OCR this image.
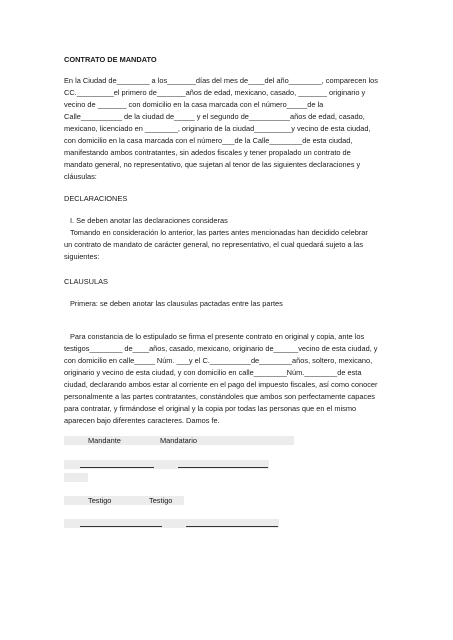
CONTRATO DE MANDATO
En la Ciudad de________ a los_______días del mes de____del año________, comparecen los
CC._________el primero de_______años de edad, mexicano, casado, _______ originario y
vecino de _______ con domicilio en la casa marcada con el número_____de la
Calle__________ de la ciudad de_____ y el segundo de__________años de edad, casado,
mexicano, licenciado en ________, originario de la ciudad_________y vecino de esta ciudad,
con domicilio en la casa marcada con el número___de la Calle________de esta ciudad,
manifestando ambos contratantes, sin adedos fiscales y tener propalado un contrato de
mandato general, no representativo, que sujetan al tenor de las siguientes declaraciones y
cláusulas:
DECLARACIONES
I. Se deben anotar las declaraciones consideras
Tomando en consideración lo anterior, las partes antes mencionadas han decidido celebrar
un contrato de mandato de carácter general, no representativo, el cual quedará sujeto a las
siguientes:
CLAUSULAS
Primera: se deben anotar las clausulas pactadas entre las partes
Para constancia de lo estipulado se firma el presente contrato en original y copia, ante los
testigos________ de____años, casado, mexicano, originario de______vecino de esta ciudad, y
con domicilio en calle_____ Núm. ___y el C.__________de________años, soltero, mexicano,
originario y vecino de esta ciudad, y con domicilio en calle________Núm.________de esta
ciudad, declarando ambos estar al corriente en el pago del impuesto fiscales, así como conocer
personalmente a las partes contratantes, constándoles que ambos son perfectamente capaces
para contratar, y firmándose el original y la copia por todas las personas que en el mismo
aparecen bajo diferentes caracteres. Damos fe.
Mandante	Mandatario
Testigo	Testigo
